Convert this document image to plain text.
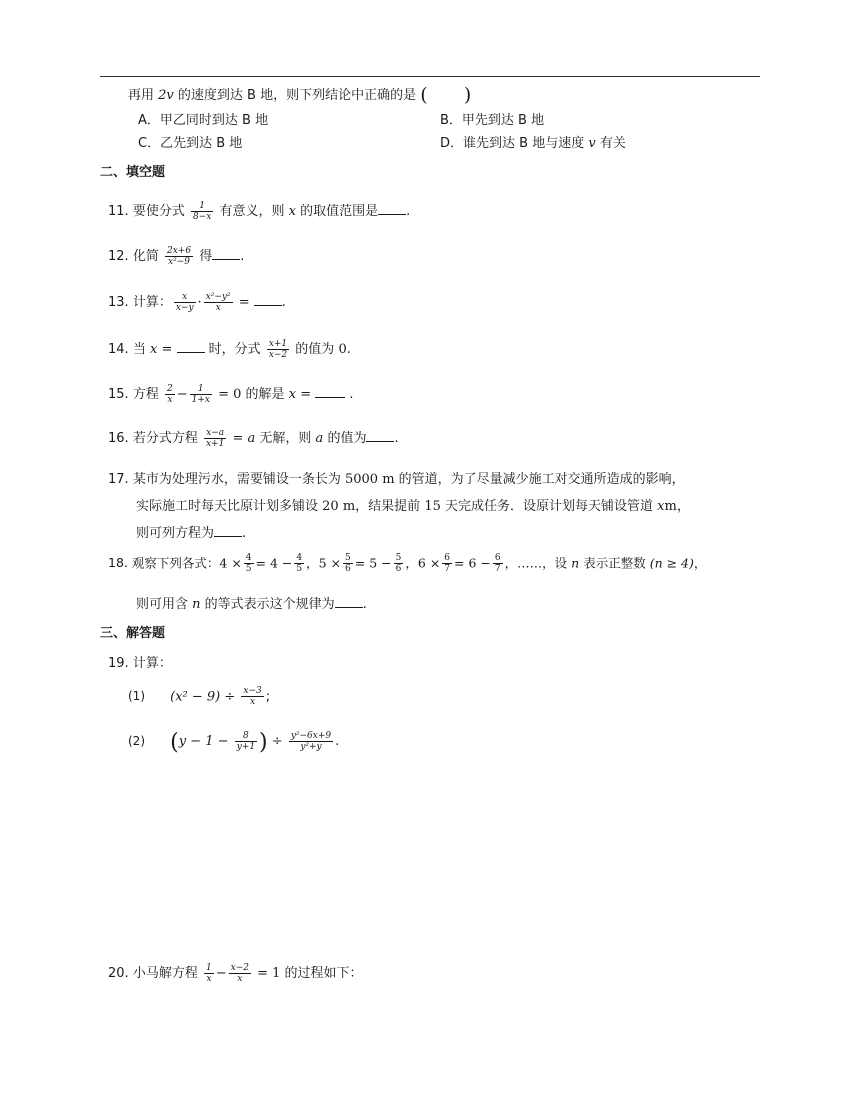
再用 2v 的速度到达 B 地，则下列结论中正确的是 (      )
A．甲乙同时到达 B 地	B．甲先到达 B 地
C．乙先到达 B 地	D．谁先到达 B 地与速度 v 有关
二、填空题
11. 要使分式 $\frac{1}{8-x}$ 有意义，则 x 的取值范围是 .
12. 化简 $\frac{2x+6}{\text{x²−9}}$ 得 .
13. 计算： $\frac{x}{x-y} \cdot \frac{\text{x²−y²}}{x}$ = .
14. 当 x =	时，分式 $\frac{x+1}{x-2}$ 的值为 0.
15. 方程 $\frac{2}{x} - \frac{1}{1+x} = 0$ 的解是 x =	.
16. 若分式方程 $\frac{x-a}{x+1} = a$ 无解，则 a 的值为 .
17. 某市为处理污水，需要铺设一条长为 5000 m 的管道，为了尽量减少施工对交通所造成的影响，
实际施工时每天比原计划多铺设 20 m，结果提前 15 天完成任务．设原计划每天铺设管道 xm，
则可列方程为 .
18. 观察下列各式：$4 \times \frac{4}{5} = 4 - \frac{4}{5}$ ，$5 \times \frac{5}{6} = 5 - \frac{5}{6}$ ，$6 \times \frac{6}{7} = 6 - \frac{6}{7}$ ，……，设 n 表示正整数 (n ≥ 4)，
则可用含 n 的等式表示这个规律为 .
三、解答题
19. 计算：
(1) $(x^2 - 9) \div \frac{x-3}{x}$ ;
(2) ($y - 1 - \frac{8}{y+1}$ ) ÷ $\frac{\text{y²−6x+9}}{\text{y²+y}}$ .
20. 小马解方程 $\frac{1}{x} - \frac{x-2}{x} = 1$ 的过程如下：
